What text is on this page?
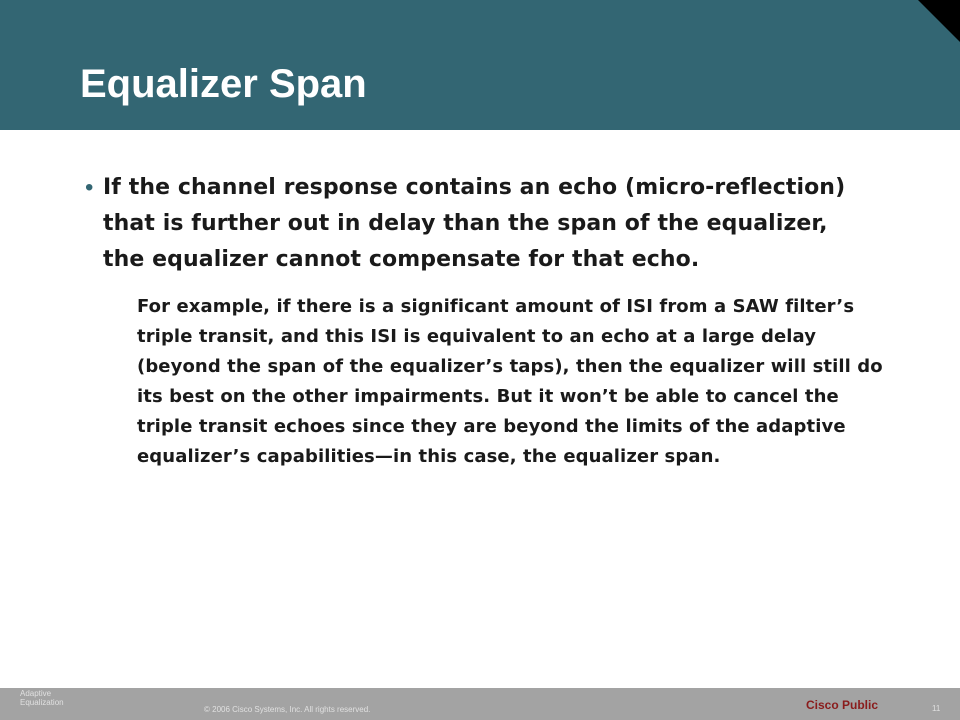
Equalizer Span
• If the channel response contains an echo (micro-reflection) that is further out in delay than the span of the equalizer, the equalizer cannot compensate for that echo.

For example, if there is a significant amount of ISI from a SAW filter’s triple transit, and this ISI is equivalent to an echo at a large delay (beyond the span of the equalizer’s taps), then the equalizer will still do its best on the other impairments. But it won’t be able to cancel the triple transit echoes since they are beyond the limits of the adaptive equalizer’s capabilities—in this case, the equalizer span.

Adaptive
Equalization
© 2006 Cisco Systems, Inc. All rights reserved.	Cisco Public	11
